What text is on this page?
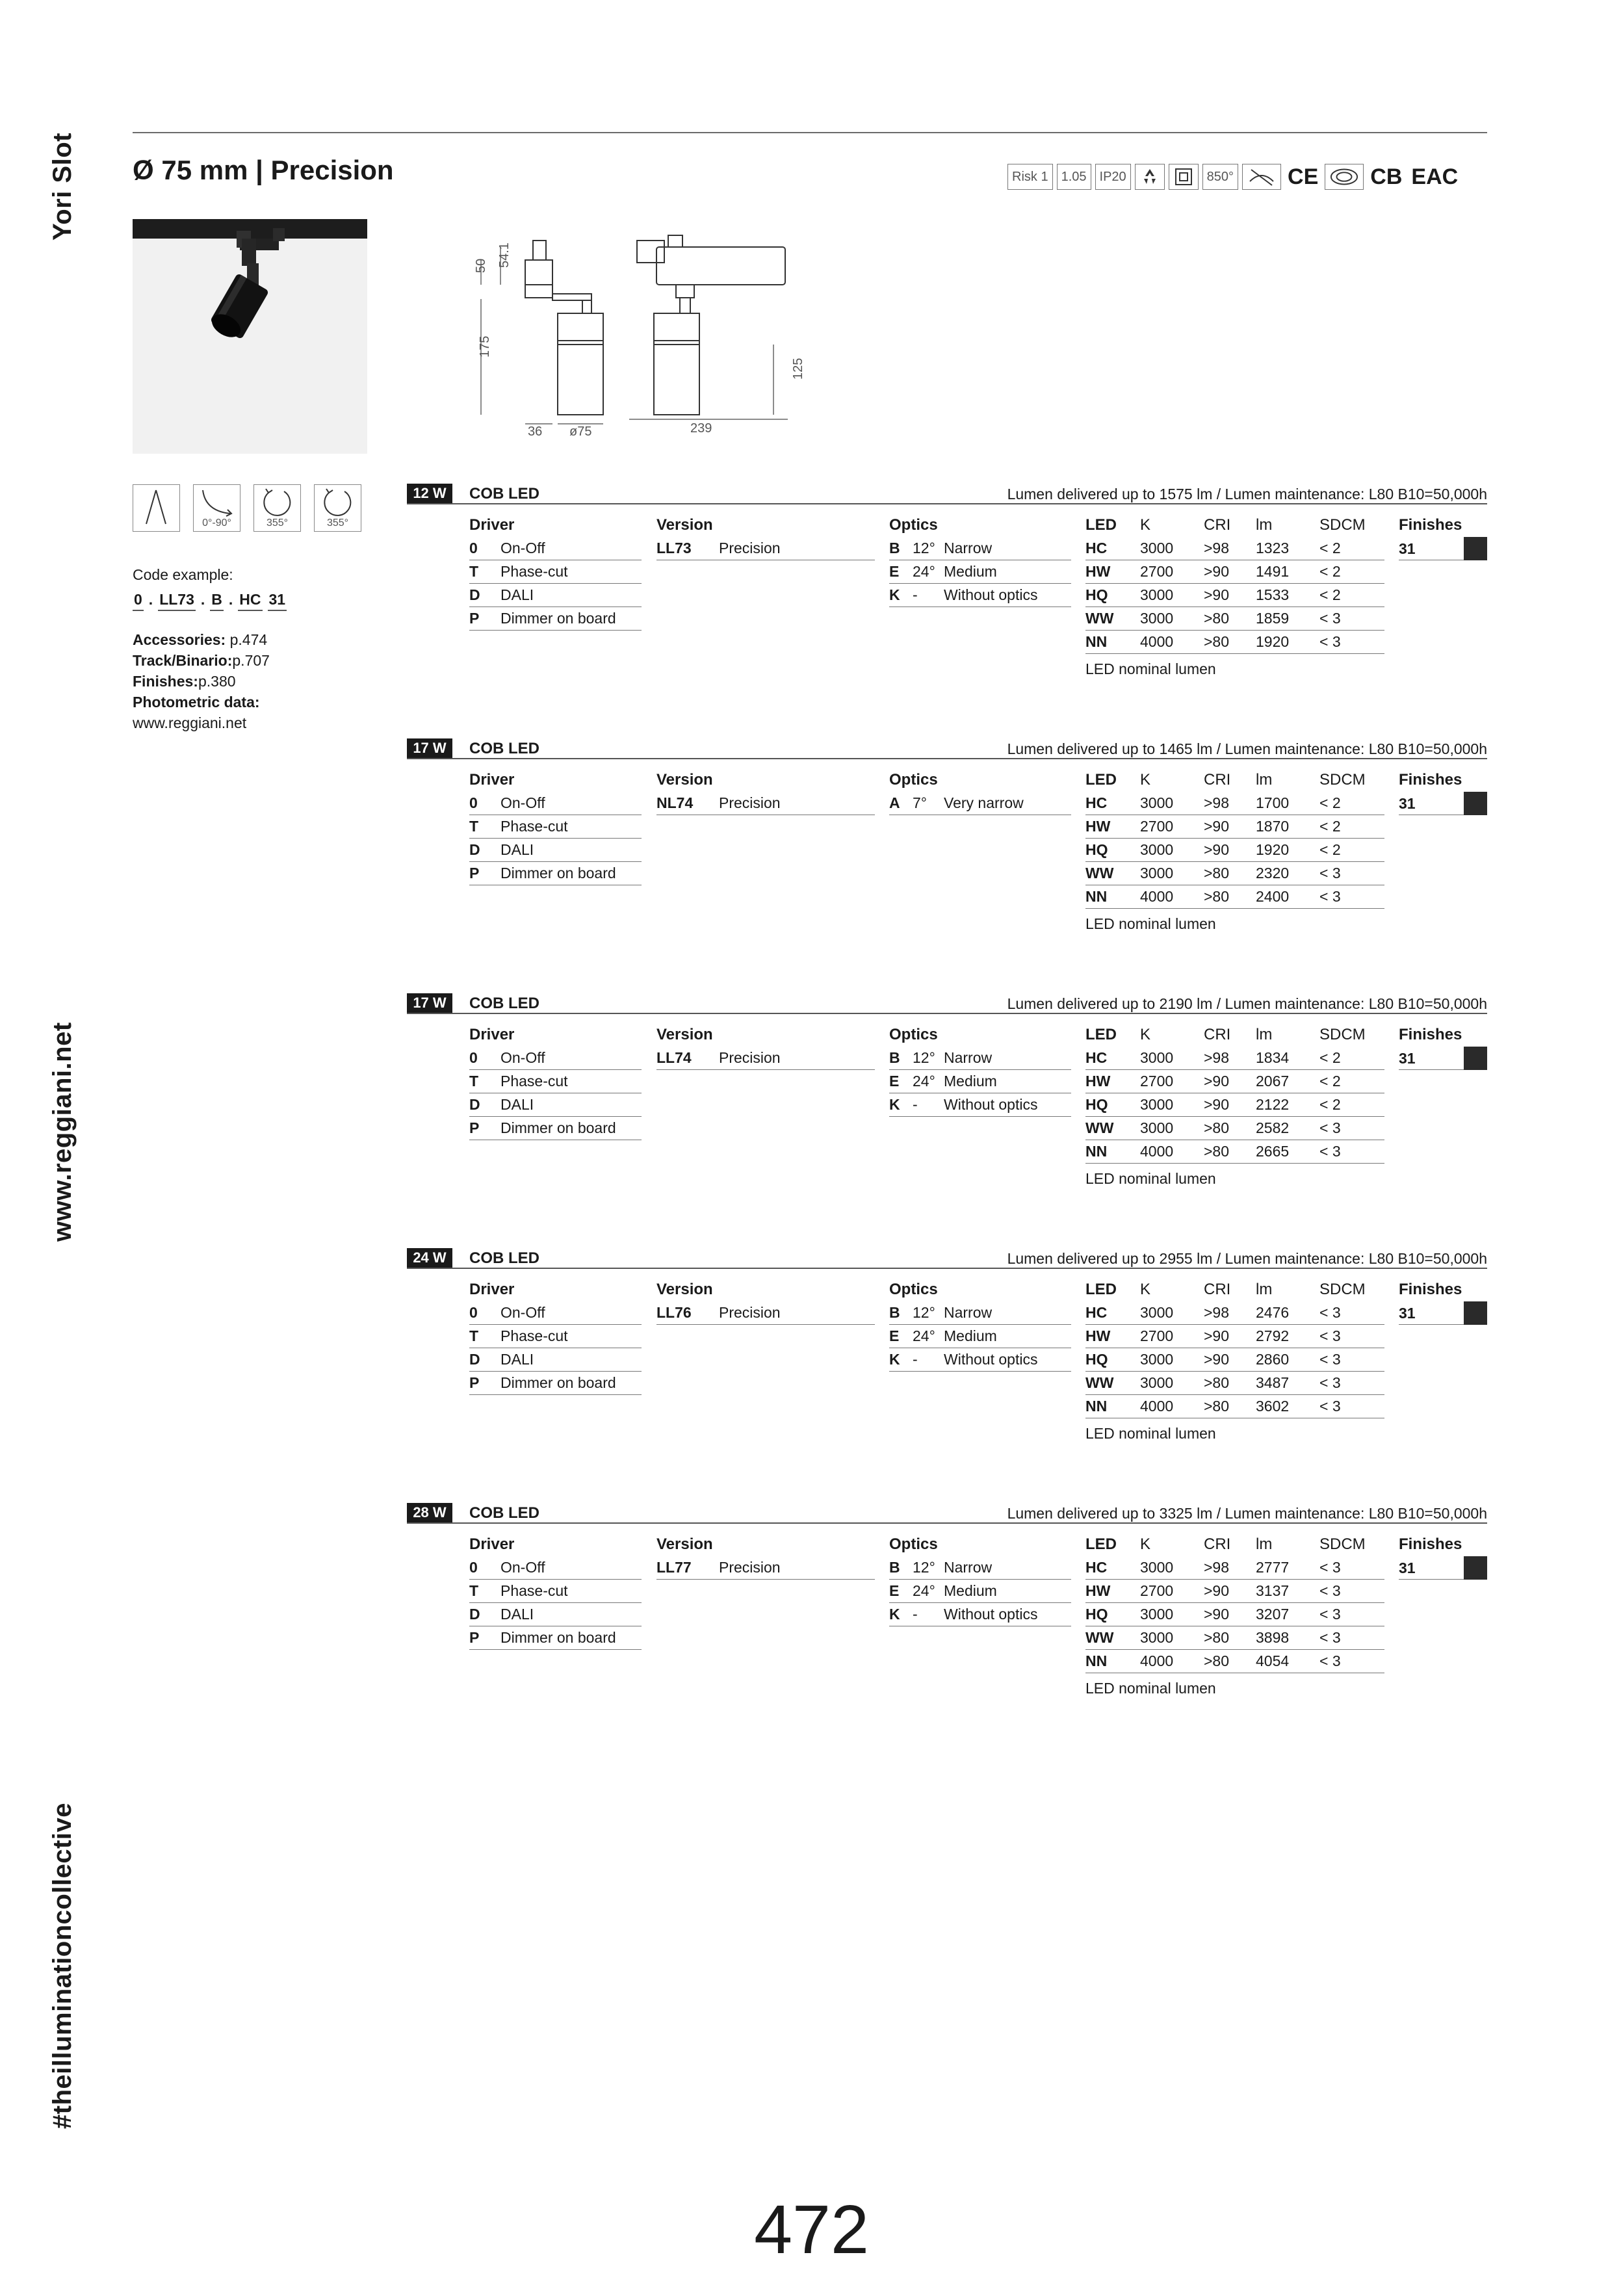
Yori Slot
www.reggiani.net
#theilluminationcollective
Ø 75 mm | Precision	Risk 1	1.05	IP20	850° CE CB EAC
50 54.1
175
125
36 ø75	239
0°-90°	355°	355°
Code example:
0 . LL73 . B . HC 31
Accessories: p.474
Track/Binario:p.707
Finishes:p.380
Photometric data:
www.reggiani.net
12 W	COB LED	Lumen delivered up to 1575 lm / Lumen maintenance: L80 B10=50,000h
Driver
0	On-Off
T	Phase-cut
D	DALI
P	Dimmer on board
Version
LL73	Precision
Optics
B 12° Narrow
E 24° Medium
K -	Without optics
LED	K	CRI	lm	SDCM
HC	3000	>98	1323	< 2
HW	2700	>90	1491	< 2
HQ	3000	>90	1533	< 2
WW	3000	>80	1859	< 3
NN	4000	>80	1920	< 3
LED nominal lumen
Finishes
31
17 W	COB LED	Lumen delivered up to 1465 lm / Lumen maintenance: L80 B10=50,000h
Driver
0	On-Off
T	Phase-cut
D	DALI
P	Dimmer on board
Version
NL74	Precision
Optics
A 7°	Very narrow
LED	K	CRI	lm	SDCM
HC	3000	>98	1700	< 2
HW	2700	>90	1870	< 2
HQ	3000	>90	1920	< 2
WW	3000	>80	2320	< 3
NN	4000	>80	2400	< 3
LED nominal lumen
Finishes
31
17 W	COB LED	Lumen delivered up to 2190 lm / Lumen maintenance: L80 B10=50,000h
Driver
0	On-Off
T	Phase-cut
D	DALI
P	Dimmer on board
Version
LL74	Precision
Optics
B 12° Narrow
E 24° Medium
K -	Without optics
LED	K	CRI	lm	SDCM
HC	3000	>98	1834	< 2
HW	2700	>90	2067	< 2
HQ	3000	>90	2122	< 2
WW	3000	>80	2582	< 3
NN	4000	>80	2665	< 3
LED nominal lumen
Finishes
31
24 W	COB LED	Lumen delivered up to 2955 lm / Lumen maintenance: L80 B10=50,000h
Driver
0	On-Off
T	Phase-cut
D	DALI
P	Dimmer on board
Version
LL76	Precision
Optics
B 12° Narrow
E 24° Medium
K -	Without optics
LED	K	CRI	lm	SDCM
HC	3000	>98	2476	< 3
HW	2700	>90	2792	< 3
HQ	3000	>90	2860	< 3
WW	3000	>80	3487	< 3
NN	4000	>80	3602	< 3
LED nominal lumen
Finishes
31
28 W	COB LED	Lumen delivered up to 3325 lm / Lumen maintenance: L80 B10=50,000h
Driver
0	On-Off
T	Phase-cut
D	DALI
P	Dimmer on board
Version
LL77	Precision
Optics
B 12° Narrow
E 24° Medium
K -	Without optics
LED	K	CRI	lm	SDCM
HC	3000	>98	2777	< 3
HW	2700	>90	3137	< 3
HQ	3000	>90	3207	< 3
WW	3000	>80	3898	< 3
NN	4000	>80	4054	< 3
LED nominal lumen
Finishes
31
472
